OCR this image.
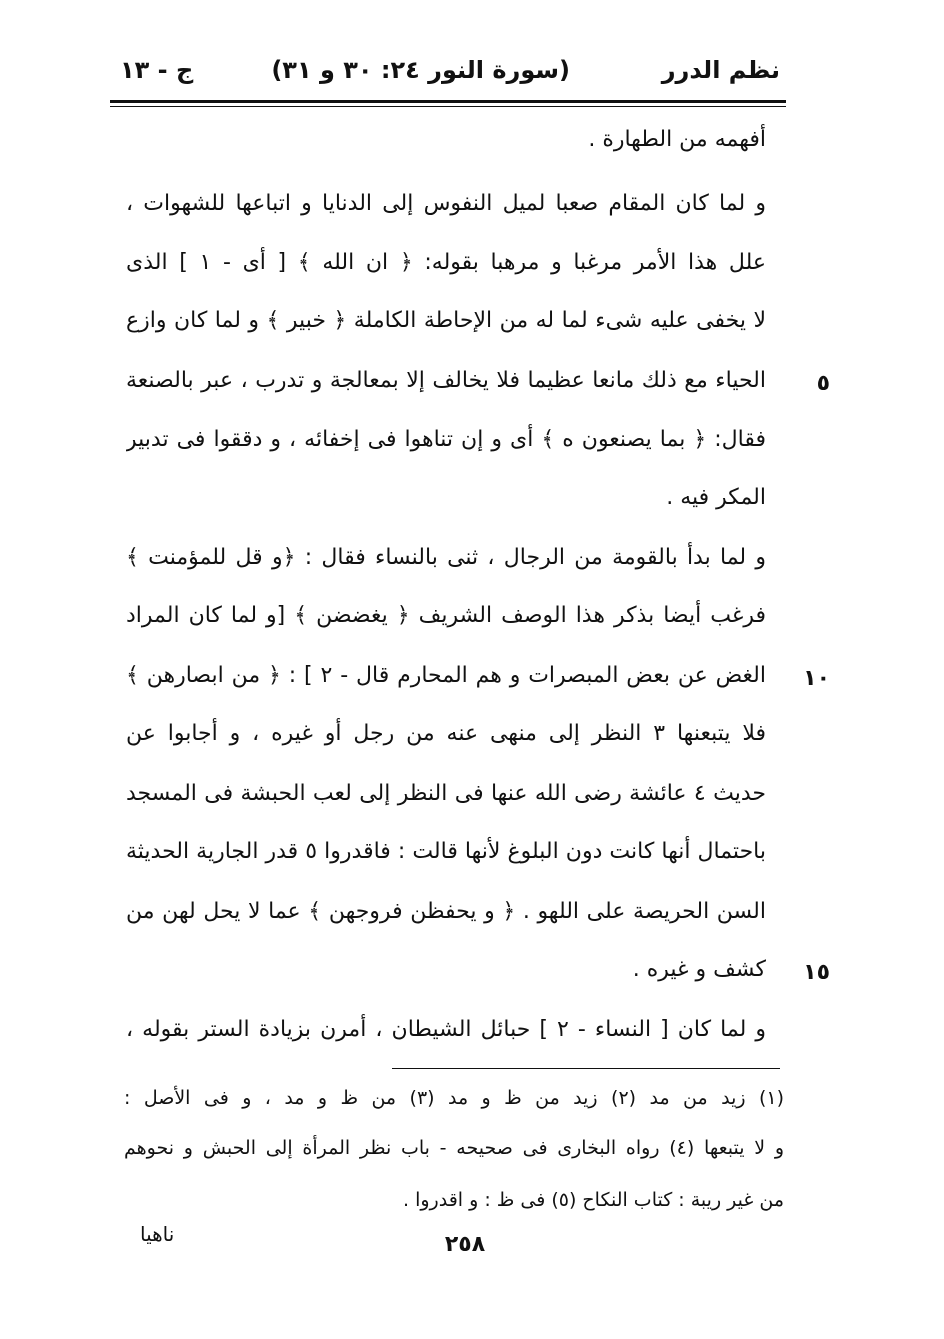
نظم الدرر
(سورة النور ٢٤: ٣٠ و ٣١)
ج - ١٣
أفهمه من الطهارة .
و لما كان المقام صعبا لميل النفوس إلى الدنايا و اتباعها للشهوات ،
علل هذا الأمر مرغبا و مرهبا بقوله: ﴿ ان الله ﴾ [ أى - ١ ] الذى
لا يخفى عليه شىء لما له من الإحاطة الكاملة ﴿ خبير ﴾ و لما كان وازع
الحياء مع ذلك مانعا عظيما فلا يخالف إلا بمعالجة و تدرب ، عبر بالصنعة	٥
فقال: ﴿ بما يصنعون ه ﴾ أى و إن تناهوا فى إخفائه ، و دققوا فى تدبير
المكر فيه .
و لما بدأ بالقومة من الرجال ، ثنى بالنساء فقال : ﴿و قل للمؤمنت ﴾
فرغب أيضا بذكر هذا الوصف الشريف ﴿ يغضضن ﴾ [و لما كان المراد
الغض عن بعض المبصرات و هم المحارم قال - ٢ ] : ﴿ من ابصارهن ﴾	١٠
فلا يتبعنها ٣ النظر إلى منهى عنه من رجل أو غيره ، و أجابوا عن
حديث ٤ عائشة رضى الله عنها فى النظر إلى لعب الحبشة فى المسجد
باحتمال أنها كانت دون البلوغ لأنها قالت : فاقدروا ٥ قدر الجارية الحديثة
السن الحريصة على اللهو . ﴿ و يحفظن فروجهن ﴾ عما لا يحل لهن من
كشف و غيره .	١٥
و لما كان [ النساء - ٢ ] حبائل الشيطان ، أمرن بزيادة الستر بقوله ،
(١) زيد من مد (٢) زيد من ظ و مد (٣) من ظ و مد ، و فى الأصل :
و لا يتبعها (٤) رواه البخارى فى صحيحه - باب نظر المرأة إلى الحبش و نحوهم
من غير ريبة : كتاب النكاح (٥) فى ظ : و اقدروا .
٢٥٨
ناهيا
